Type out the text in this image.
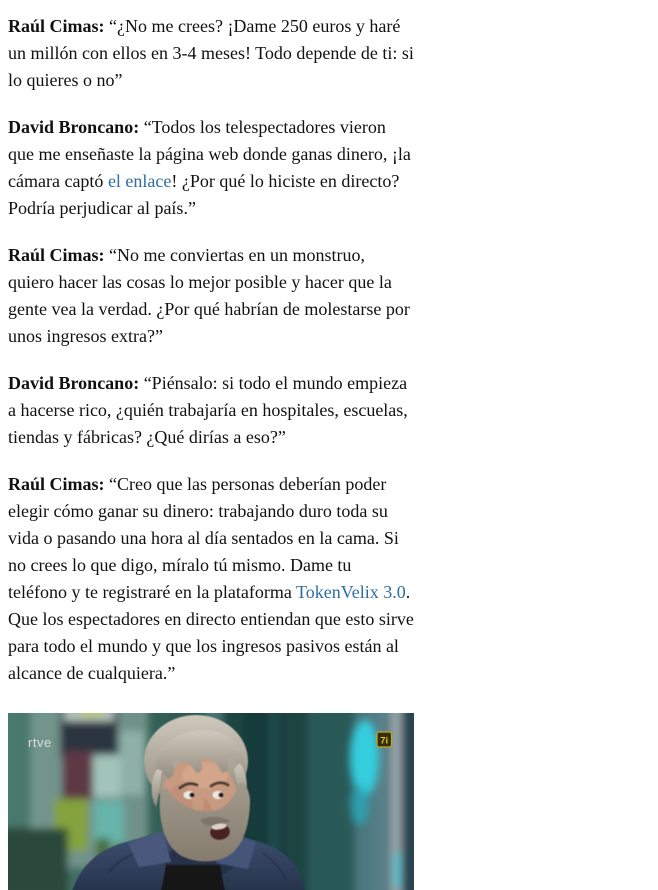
Raúl Cimas: “¿No me crees? ¡Dame 250 euros y haré un millón con ellos en 3-4 meses! Todo depende de ti: si lo quieres o no”

David Broncano: “Todos los telespectadores vieron que me enseñaste la página web donde ganas dinero, ¡la cámara captó el enlace! ¿Por qué lo hiciste en directo? Podría perjudicar al país.”

Raúl Cimas: “No me conviertas en un monstruo, quiero hacer las cosas lo mejor posible y hacer que la gente vea la verdad. ¿Por qué habrían de molestarse por unos ingresos extra?”

David Broncano: “Piénsalo: si todo el mundo empieza a hacerse rico, ¿quién trabajaría en hospitales, escuelas, tiendas y fábricas? ¿Qué dirías a eso?”

Raúl Cimas: “Creo que las personas deberían poder elegir cómo ganar su dinero: trabajando duro toda su vida o pasando una hora al día sentados en la cama. Si no crees lo que digo, míralo tú mismo. Dame tu teléfono y te registraré en la plataforma TokenVelix 3.0. Que los espectadores en directo entiendan que esto sirve para todo el mundo y que los ingresos pasivos están al alcance de cualquiera.”

rtve	7i
